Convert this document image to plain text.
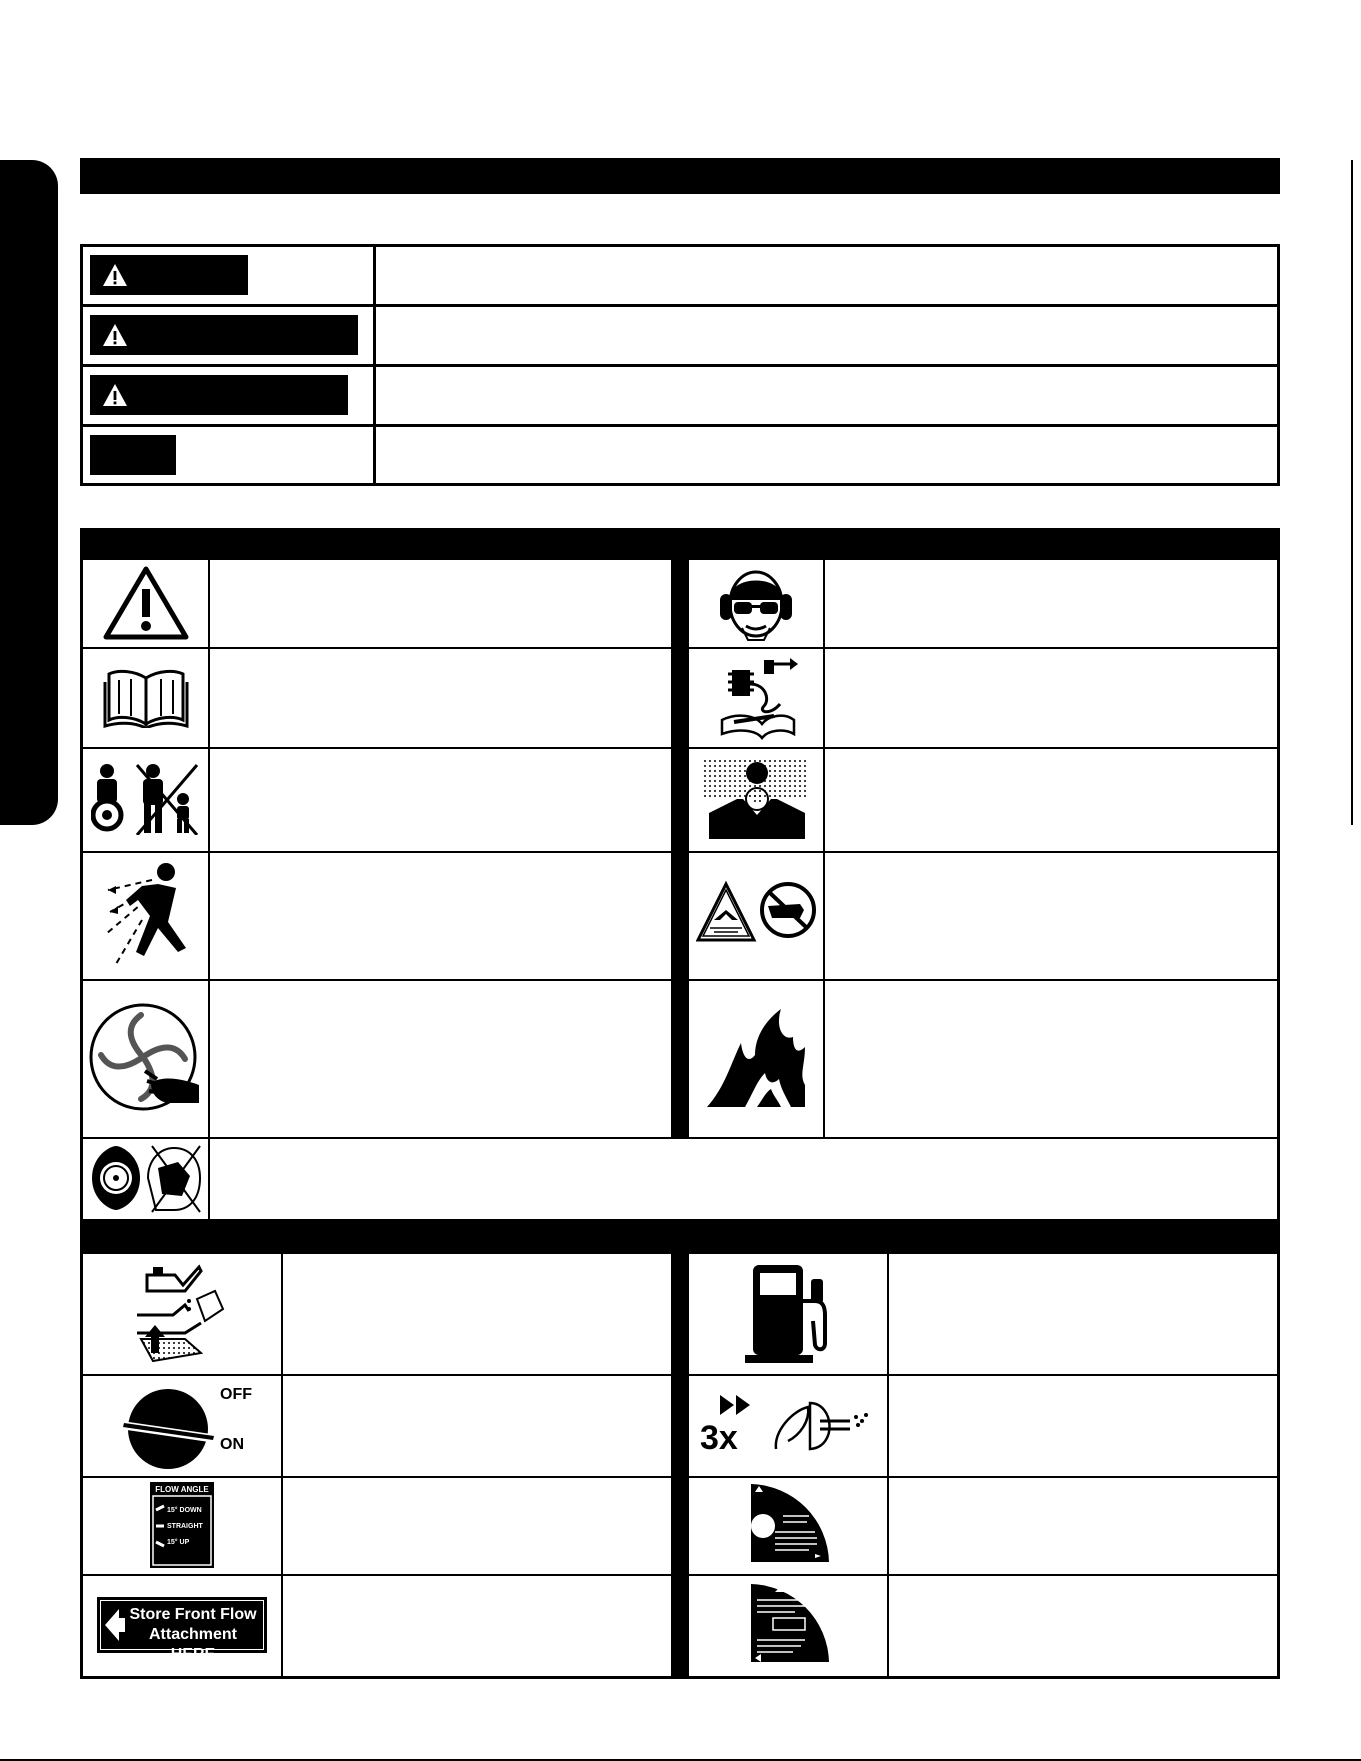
OFF
ON
FLOW ANGLE
15° DOWN
STRAIGHT
15° UP
Store Front Flow
Attachment HERE
3x
